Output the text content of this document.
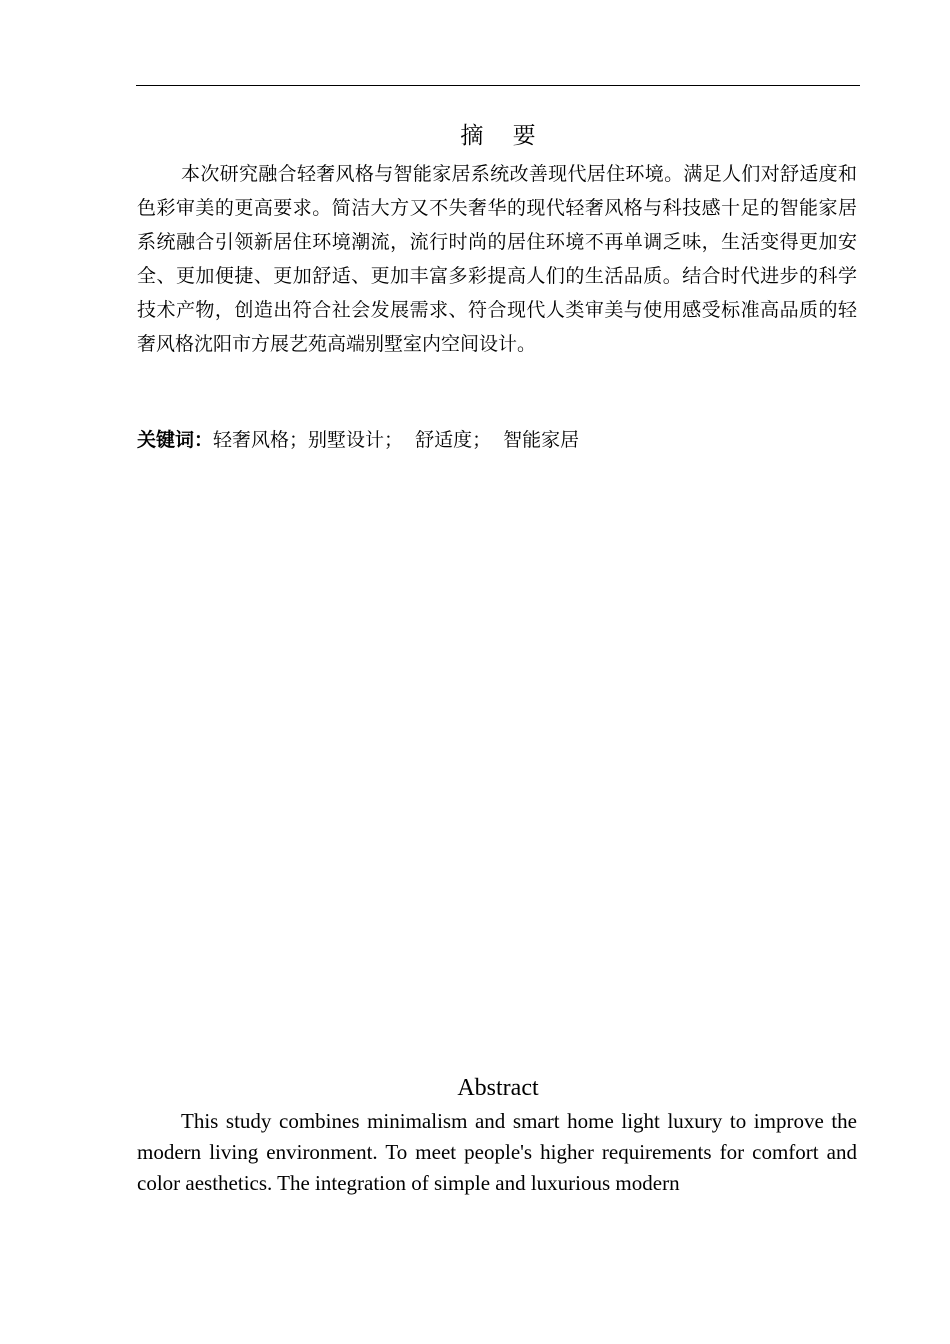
摘    要

本次研究融合轻奢风格与智能家居系统改善现代居住环境。满足人们对舒适度和色彩审美的更高要求。简洁大方又不失奢华的现代轻奢风格与科技感十足的智能家居系统融合引领新居住环境潮流，流行时尚的居住环境不再单调乏味，生活变得更加安全、更加便捷、更加舒适、更加丰富多彩提高人们的生活品质。结合时代进步的科学技术产物，创造出符合社会发展需求、符合现代人类审美与使用感受标准高品质的轻奢风格沈阳市方展艺苑高端别墅室内空间设计。

关键词：轻奢风格；别墅设计；  舒适度；  智能家居
Abstract

This study combines minimalism and smart home light luxury to improve the modern living environment. To meet people's higher requirements for comfort and color aesthetics. The integration of simple and luxurious modern
